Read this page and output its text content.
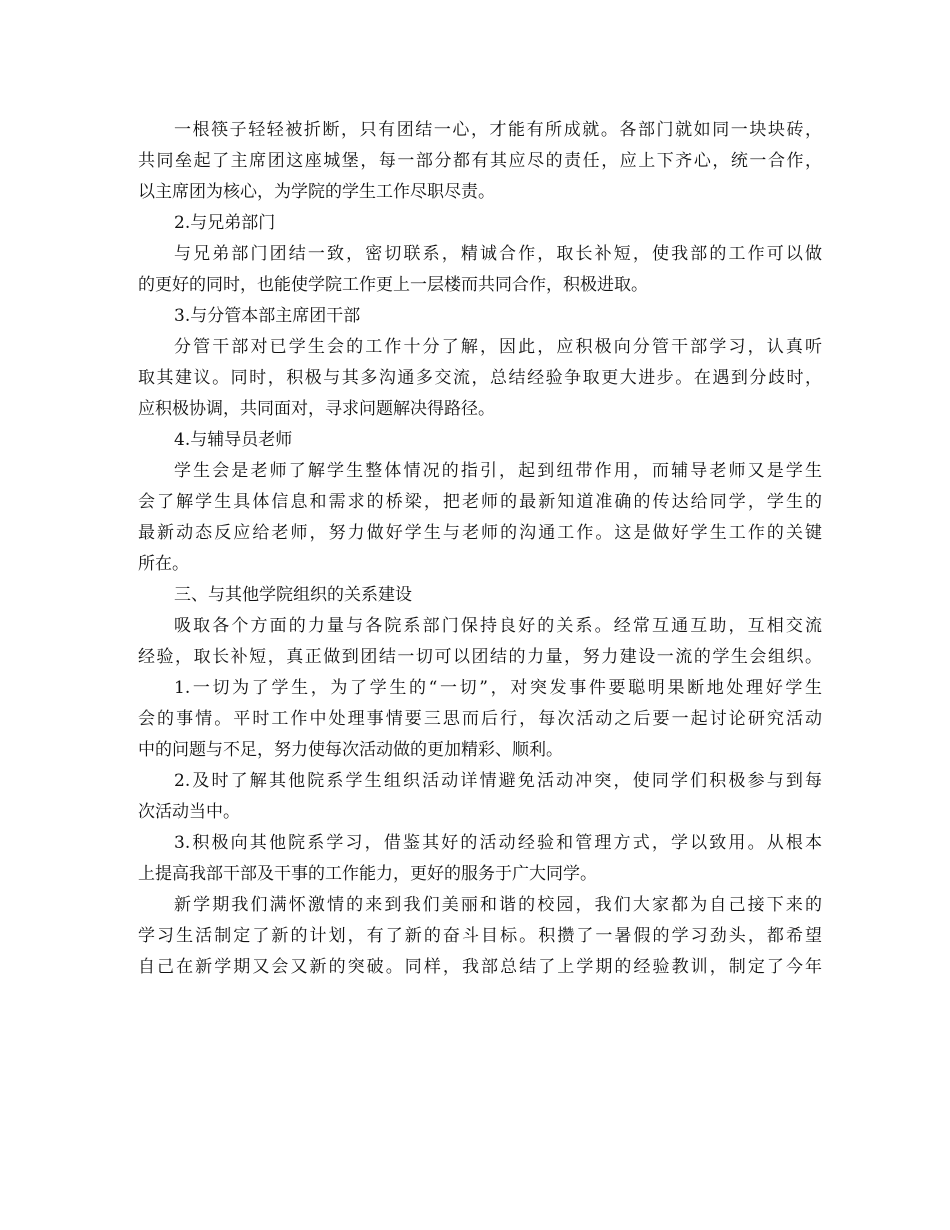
一根筷子轻轻被折断，只有团结一心，才能有所成就。各部门就如同一块块砖，
共同垒起了主席团这座城堡，每一部分都有其应尽的责任，应上下齐心，统一合作，
以主席团为核心，为学院的学生工作尽职尽责。
2.与兄弟部门
与兄弟部门团结一致，密切联系，精诚合作，取长补短，使我部的工作可以做
的更好的同时，也能使学院工作更上一层楼而共同合作，积极进取。
3.与分管本部主席团干部
分管干部对已学生会的工作十分了解，因此，应积极向分管干部学习，认真听
取其建议。同时，积极与其多沟通多交流，总结经验争取更大进步。在遇到分歧时，
应积极协调，共同面对，寻求问题解决得路径。
4.与辅导员老师
学生会是老师了解学生整体情况的指引，起到纽带作用，而辅导老师又是学生
会了解学生具体信息和需求的桥梁，把老师的最新知道准确的传达给同学，学生的
最新动态反应给老师，努力做好学生与老师的沟通工作。这是做好学生工作的关键
所在。
三、与其他学院组织的关系建设
吸取各个方面的力量与各院系部门保持良好的关系。经常互通互助，互相交流
经验，取长补短，真正做到团结一切可以团结的力量，努力建设一流的学生会组织。
1.一切为了学生，为了学生的“一切”，对突发事件要聪明果断地处理好学生
会的事情。平时工作中处理事情要三思而后行，每次活动之后要一起讨论研究活动
中的问题与不足，努力使每次活动做的更加精彩、顺利。
2.及时了解其他院系学生组织活动详情避免活动冲突，使同学们积极参与到每
次活动当中。
3.积极向其他院系学习，借鉴其好的活动经验和管理方式，学以致用。从根本
上提高我部干部及干事的工作能力，更好的服务于广大同学。
新学期我们满怀激情的来到我们美丽和谐的校园，我们大家都为自己接下来的
学习生活制定了新的计划，有了新的奋斗目标。积攒了一暑假的学习劲头，都希望
自己在新学期又会又新的突破。同样，我部总结了上学期的经验教训，制定了今年
